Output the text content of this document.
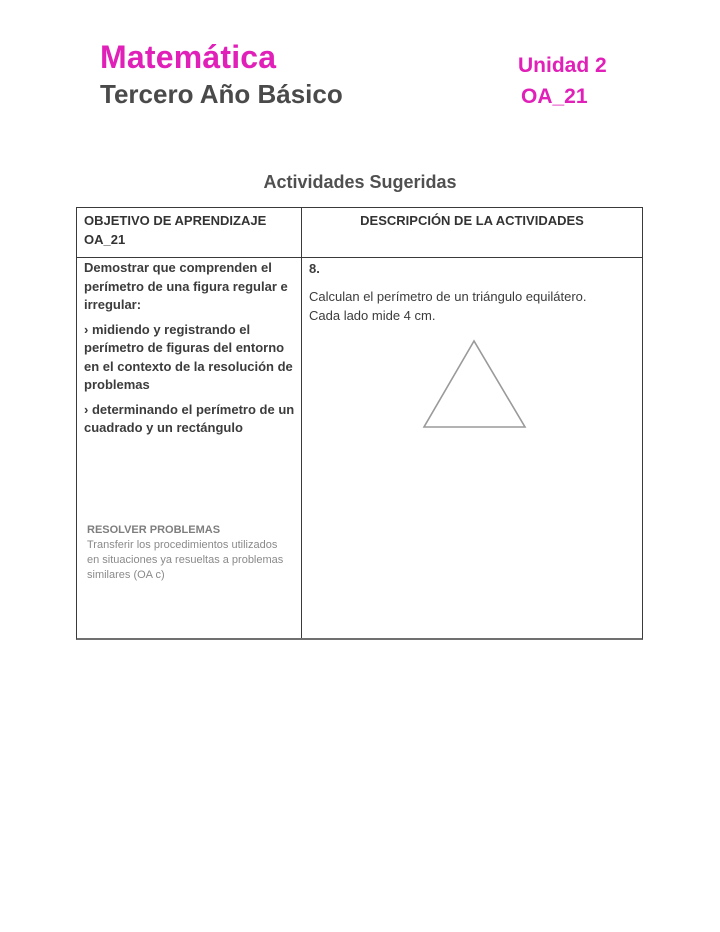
Matemática
Tercero Año Básico
Unidad 2
OA_21
Actividades Sugeridas
OBJETIVO DE APRENDIZAJE
OA_21
DESCRIPCIÓN DE LA ACTIVIDADES

Demostrar que comprenden el perímetro de una figura regular e irregular:

› midiendo y registrando el perímetro de figuras del entorno en el contexto de la resolución de problemas

› determinando el perímetro de un cuadrado y un rectángulo

RESOLVER PROBLEMAS
Transferir los procedimientos utilizados en situaciones ya resueltas a problemas similares (OA c)
8.
Calculan el perímetro de un triángulo equilátero.
Cada lado mide 4 cm.
